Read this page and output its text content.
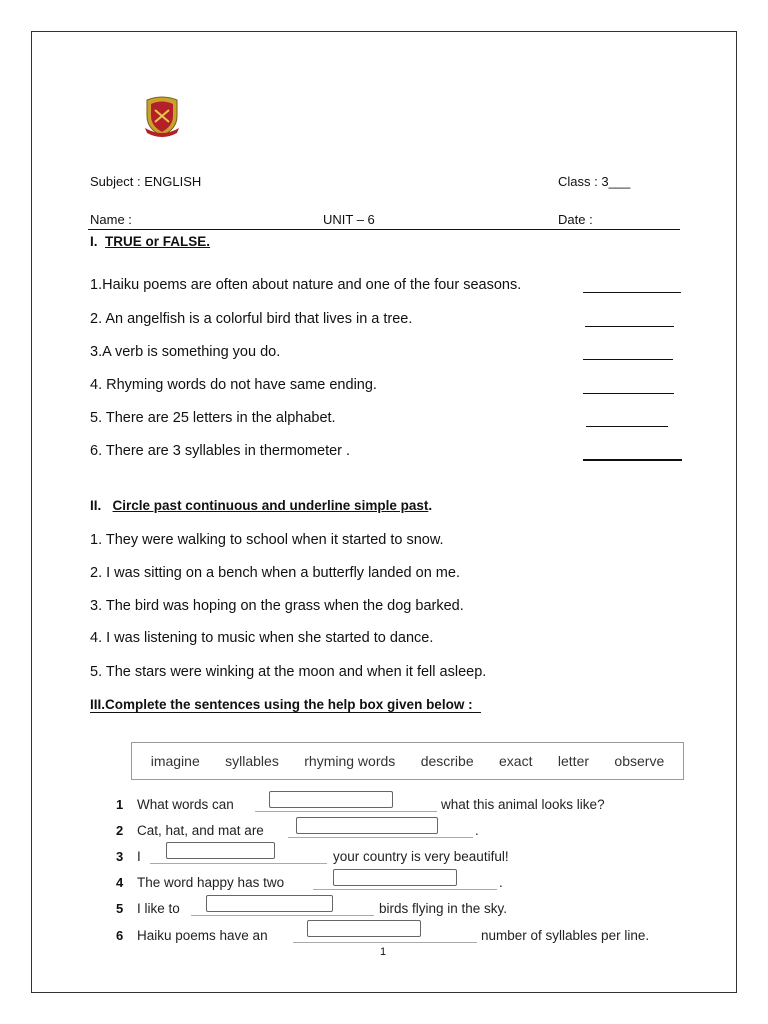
Subject : ENGLISH	Class : 3___
Name :	UNIT – 6	Date :
I. TRUE or FALSE.
1.Haiku poems are often about nature and one of the four seasons.
2. An angelfish is a colorful bird that lives in a tree.
3.A verb is something you do.
4. Rhyming words do not have same ending.
5. There are 25 letters in the alphabet.
6. There are 3 syllables in thermometer .
II. Circle past continuous and underline simple past.
1. They were walking to school when it started to snow.
2. I was sitting on a bench when a butterfly landed on me.
3. The bird was hoping on the grass when the dog barked.
4. I was listening to music when she started to dance.
5. The stars were winking at the moon and when it fell asleep.
III.Complete the sentences using the help box given below :
imagine syllables rhyming words describe exact letter observe
1 What words can	what this animal looks like?
2 Cat, hat, and mat are	.
3 I	your country is very beautiful!
4 The word happy has two	.
5 I like to	birds flying in the sky.
6 Haiku poems have an	number of syllables per line.
1
